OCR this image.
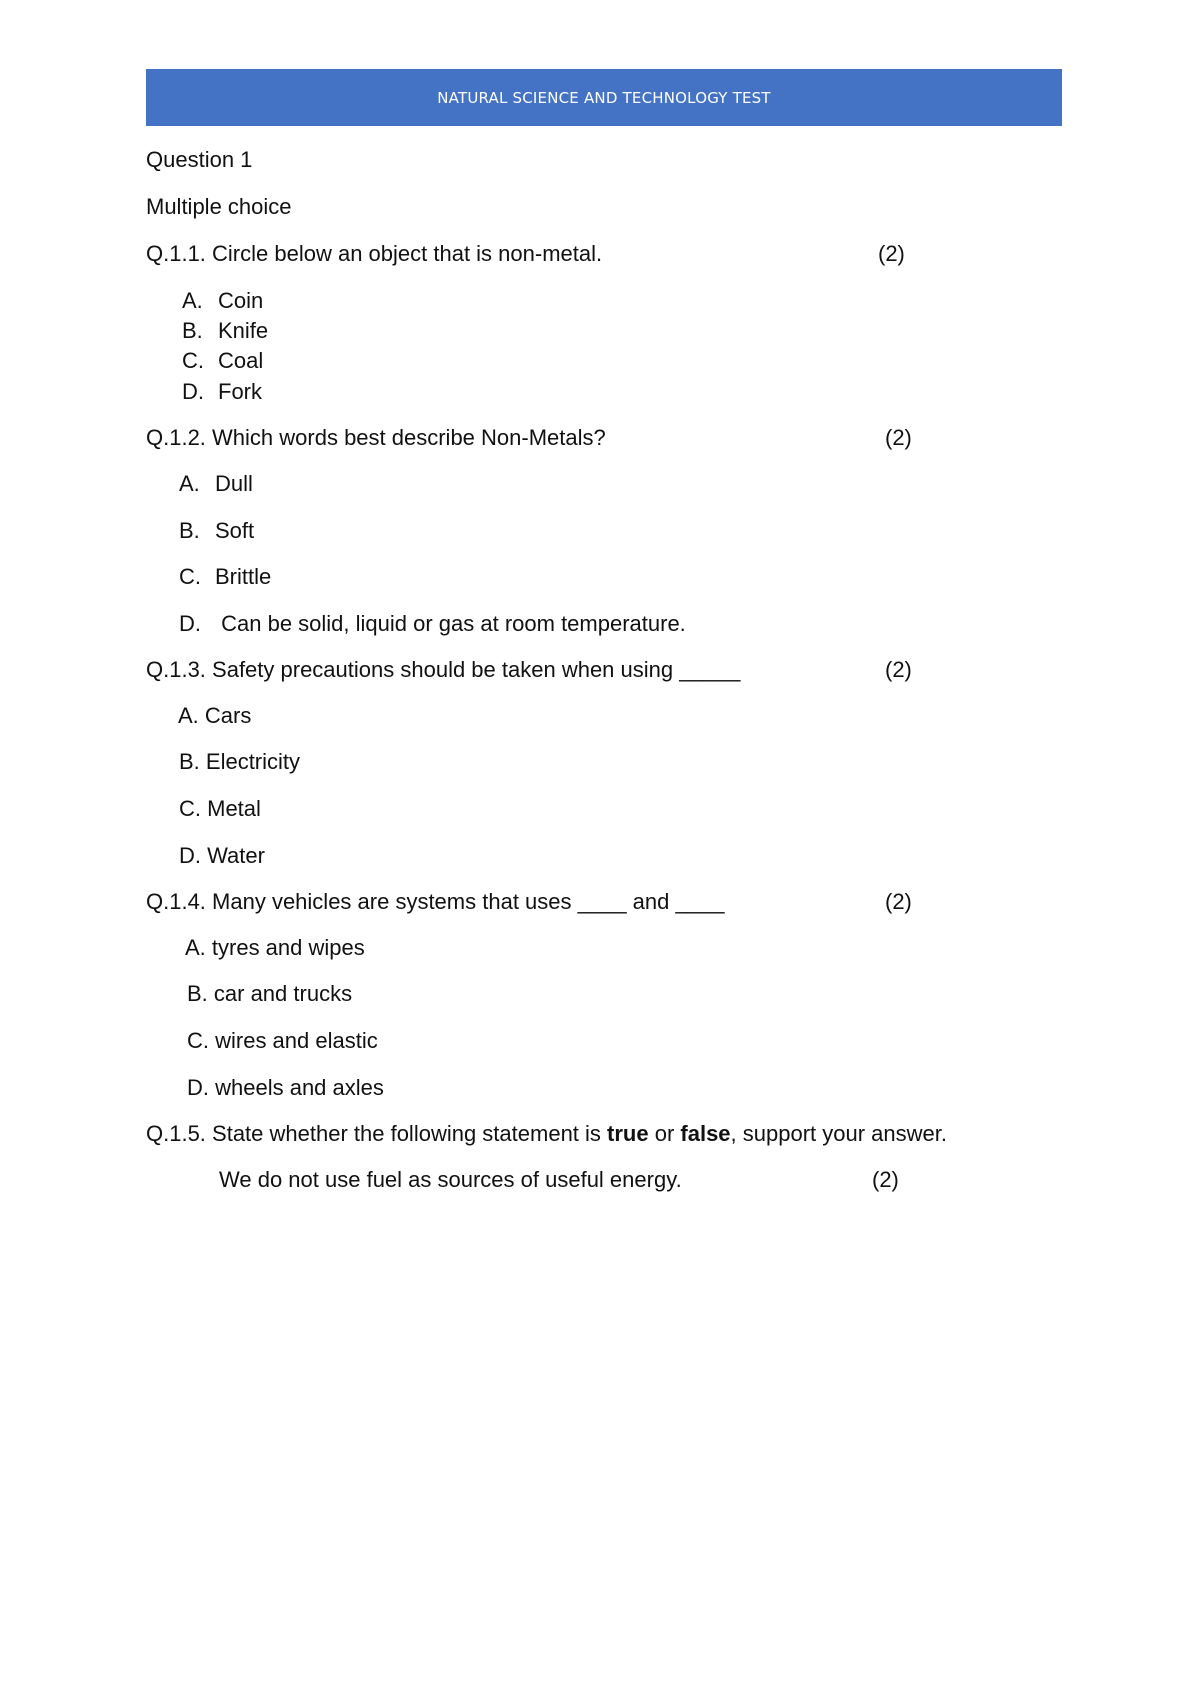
NATURAL SCIENCE AND TECHNOLOGY TEST
Question 1
Multiple choice
Q.1.1. Circle below an object that is non-metal.	(2)
A. Coin
B. Knife
C. Coal
D. Fork
Q.1.2. Which words best describe Non-Metals?	(2)
A. Dull
B. Soft
C. Brittle
D. Can be solid, liquid or gas at room temperature.
Q.1.3. Safety precautions should be taken when using _____	(2)
A. Cars
B. Electricity
C. Metal
D. Water
Q.1.4. Many vehicles are systems that uses ____ and ____	(2)
A. tyres and wipes
B. car and trucks
C. wires and elastic
D. wheels and axles
Q.1.5. State whether the following statement is true or false, support your answer.
We do not use fuel as sources of useful energy.	(2)
